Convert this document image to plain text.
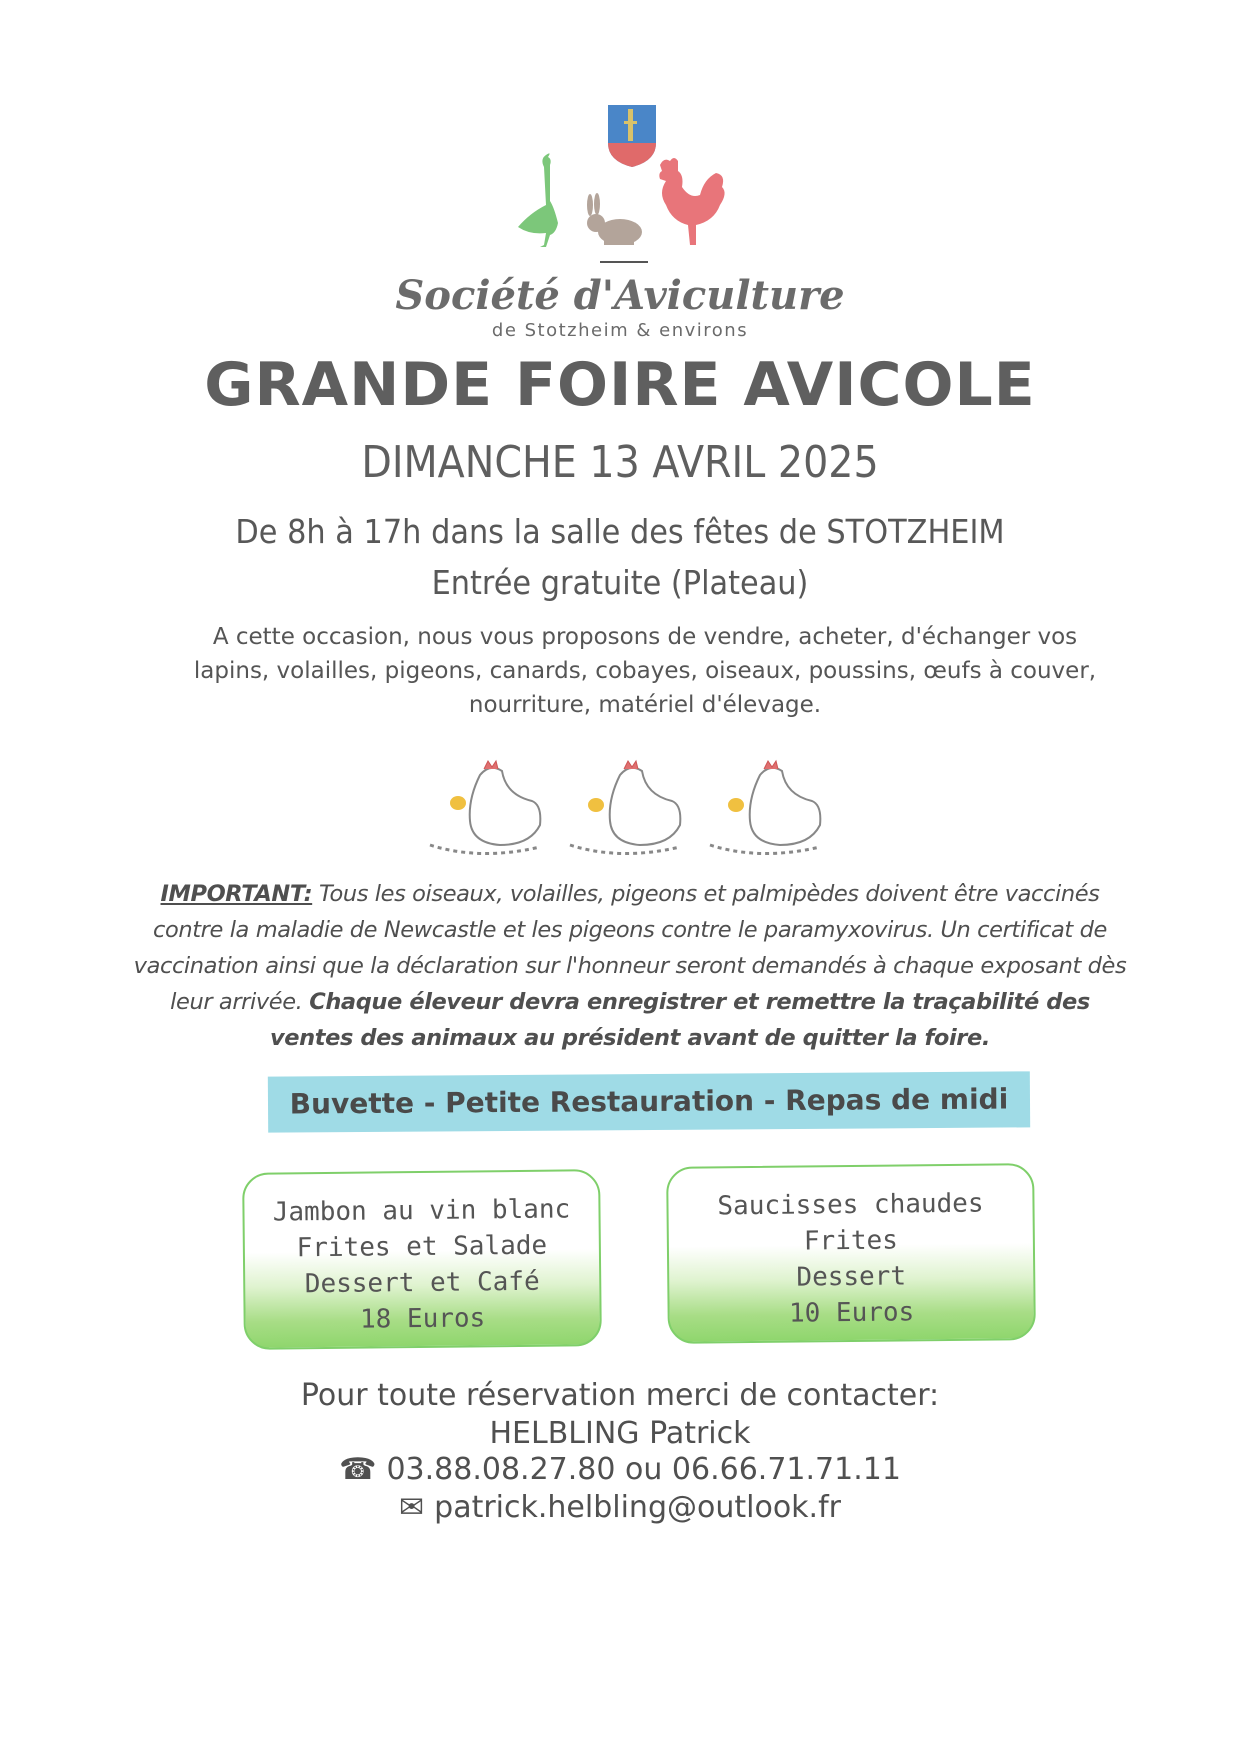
Société d'Aviculture
de Stotzheim & environs
GRANDE FOIRE AVICOLE
DIMANCHE 13 AVRIL 2025
De 8h à 17h dans la salle des fêtes de STOTZHEIM
Entrée gratuite (Plateau)
A cette occasion, nous vous proposons de vendre, acheter, d'échanger vos lapins, volailles, pigeons, canards, cobayes, oiseaux, poussins, œufs à couver, nourriture, matériel d'élevage.
IMPORTANT: Tous les oiseaux, volailles, pigeons et palmipèdes doivent être vaccinés contre la maladie de Newcastle et les pigeons contre le paramyxovirus. Un certificat de vaccination ainsi que la déclaration sur l'honneur seront demandés à chaque exposant dès leur arrivée. Chaque éleveur devra enregistrer et remettre la traçabilité des ventes des animaux au président avant de quitter la foire.
Buvette - Petite Restauration - Repas de midi
Jambon au vin blanc
Frites et Salade
Dessert et Café
18 Euros
Saucisses chaudes
Frites
Dessert
10 Euros
Pour toute réservation merci de contacter:
HELBLING Patrick
☎ 03.88.08.27.80 ou 06.66.71.71.11
✉ patrick.helbling@outlook.fr
